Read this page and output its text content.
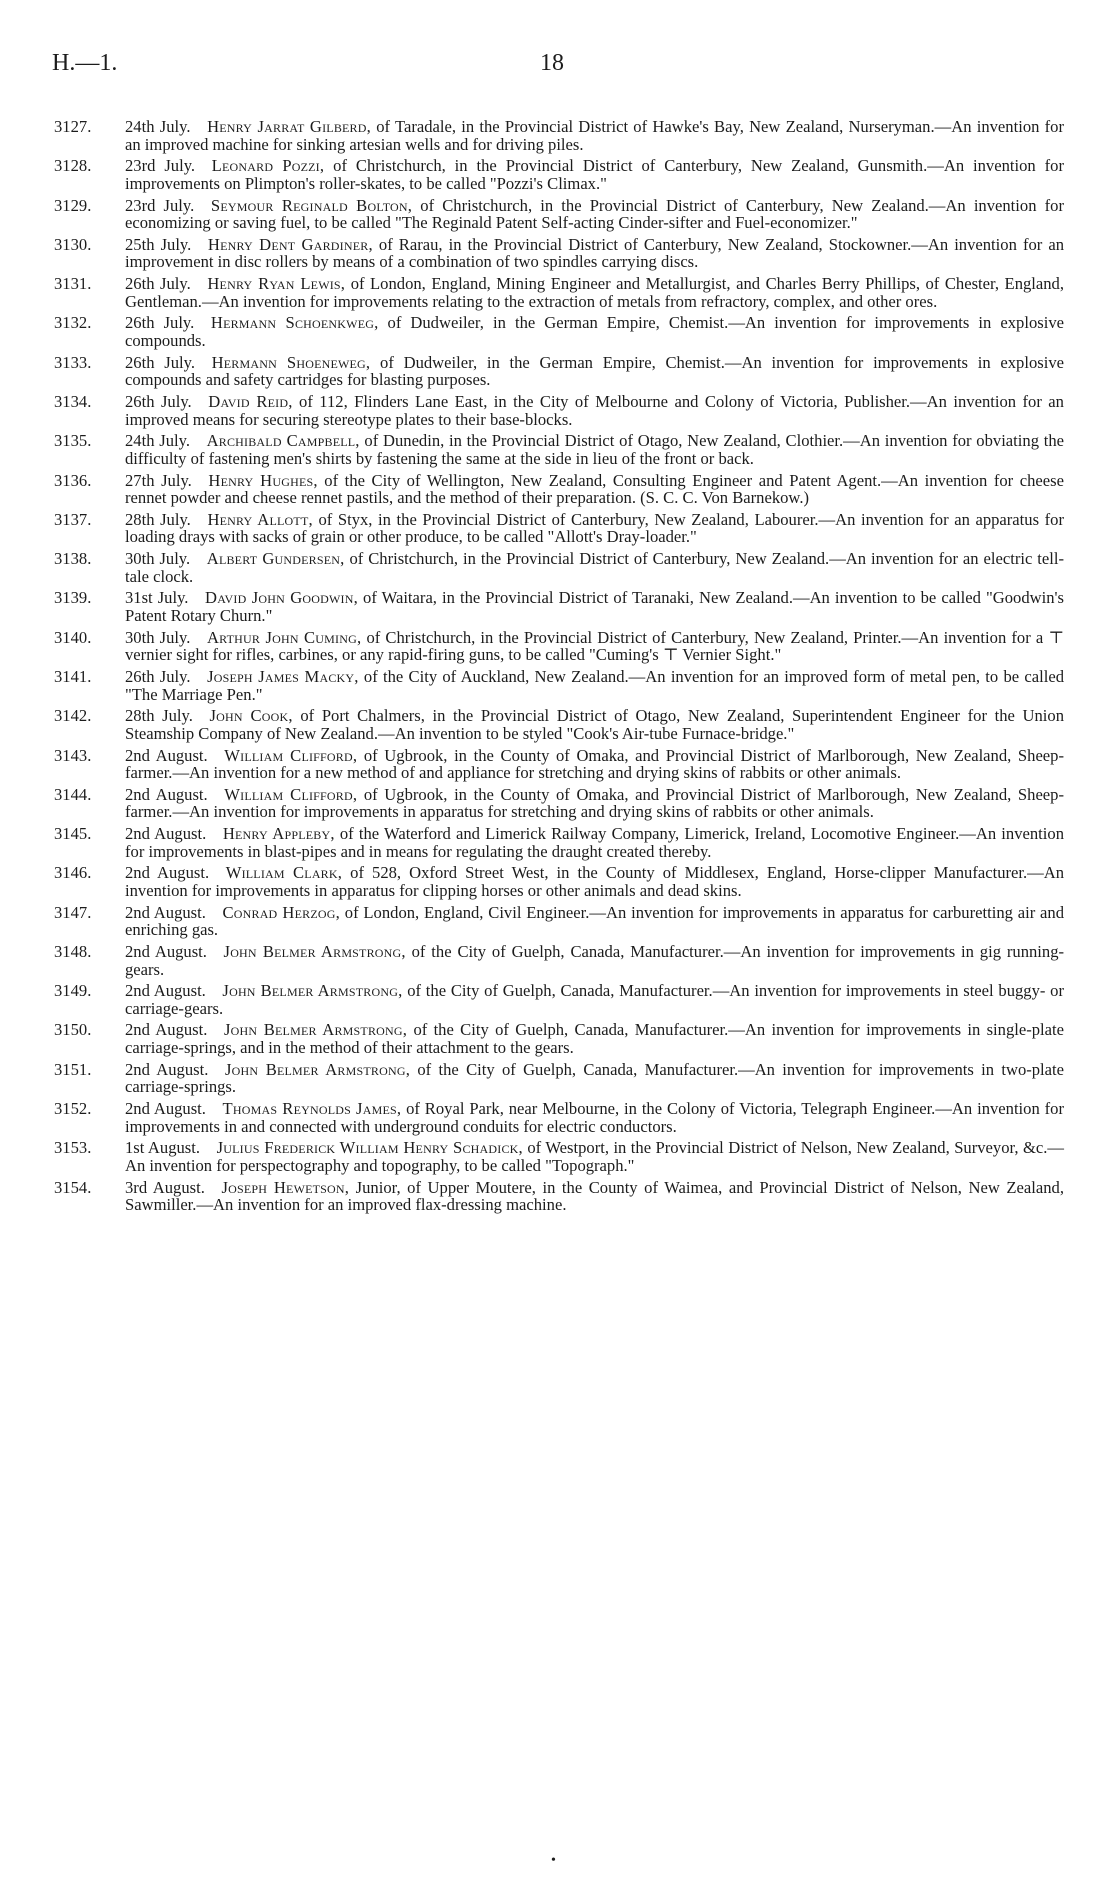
H.—1.	18
3127. 24th July.  Henry Jarrat Gilberd, of Taradale, in the Provincial District of Hawke's Bay, New Zealand, Nurseryman.—An invention for an improved machine for sinking artesian wells and for driving piles.
3128. 23rd July.  Leonard Pozzi, of Christchurch, in the Provincial District of Canterbury, New Zealand, Gunsmith.—An invention for improvements on Plimpton's roller-skates, to be called "Pozzi's Climax."
3129. 23rd July.  Seymour Reginald Bolton, of Christchurch, in the Provincial District of Canterbury, New Zealand.—An invention for economizing or saving fuel, to be called "The Reginald Patent Self-acting Cinder-sifter and Fuel-economizer."
3130. 25th July.  Henry Dent Gardiner, of Rarau, in the Provincial District of Canterbury, New Zealand, Stockowner.—An invention for an improvement in disc rollers by means of a combination of two spindles carrying discs.
3131. 26th July.  Henry Ryan Lewis, of London, England, Mining Engineer and Metallurgist, and Charles Berry Phillips, of Chester, England, Gentleman.—An invention for improvements relating to the extraction of metals from refractory, complex, and other ores.
3132. 26th July.  Hermann Schoenkweg, of Dudweiler, in the German Empire, Chemist.—An invention for improvements in explosive compounds.
3133. 26th July.  Hermann Shoeneweg, of Dudweiler, in the German Empire, Chemist.—An invention for improvements in explosive compounds and safety cartridges for blasting purposes.
3134. 26th July.  David Reid, of 112, Flinders Lane East, in the City of Melbourne and Colony of Victoria, Publisher.—An invention for an improved means for securing stereotype plates to their base-blocks.
3135. 24th July.  Archibald Campbell, of Dunedin, in the Provincial District of Otago, New Zealand, Clothier.—An invention for obviating the difficulty of fastening men's shirts by fastening the same at the side in lieu of the front or back.
3136. 27th July.  Henry Hughes, of the City of Wellington, New Zealand, Consulting Engineer and Patent Agent.—An invention for cheese rennet powder and cheese rennet pastils, and the method of their preparation. (S. C. C. Von Barnekow.)
3137. 28th July.  Henry Allott, of Styx, in the Provincial District of Canterbury, New Zealand, Labourer.—An invention for an apparatus for loading drays with sacks of grain or other produce, to be called "Allott's Dray-loader."
3138. 30th July.  Albert Gundersen, of Christchurch, in the Provincial District of Canterbury, New Zealand.—An invention for an electric tell-tale clock.
3139. 31st July.  David John Goodwin, of Waitara, in the Provincial District of Taranaki, New Zealand.—An invention to be called "Goodwin's Patent Rotary Churn."
3140. 30th July.  Arthur John Cuming, of Christchurch, in the Provincial District of Canterbury, New Zealand, Printer.—An invention for a ⊤ vernier sight for rifles, carbines, or any rapid-firing guns, to be called "Cuming's ⊤ Vernier Sight."
3141. 26th July.  Joseph James Macky, of the City of Auckland, New Zealand.—An invention for an improved form of metal pen, to be called "The Marriage Pen."
3142. 28th July.  John Cook, of Port Chalmers, in the Provincial District of Otago, New Zealand, Superintendent Engineer for the Union Steamship Company of New Zealand.—An invention to be styled "Cook's Air-tube Furnace-bridge."
3143. 2nd August.  William Clifford, of Ugbrook, in the County of Omaka, and Provincial District of Marlborough, New Zealand, Sheep-farmer.—An invention for a new method of and appliance for stretching and drying skins of rabbits or other animals.
3144. 2nd August.  William Clifford, of Ugbrook, in the County of Omaka, and Provincial District of Marlborough, New Zealand, Sheep-farmer.—An invention for improvements in apparatus for stretching and drying skins of rabbits or other animals.
3145. 2nd August.  Henry Appleby, of the Waterford and Limerick Railway Company, Limerick, Ireland, Locomotive Engineer.—An invention for improvements in blast-pipes and in means for regulating the draught created thereby.
3146. 2nd August.  William Clark, of 528, Oxford Street West, in the County of Middlesex, England, Horse-clipper Manufacturer.—An invention for improvements in apparatus for clipping horses or other animals and dead skins.
3147. 2nd August.  Conrad Herzog, of London, England, Civil Engineer.—An invention for improvements in apparatus for carburetting air and enriching gas.
3148. 2nd August.  John Belmer Armstrong, of the City of Guelph, Canada, Manufacturer.—An invention for improvements in gig running-gears.
3149. 2nd August.  John Belmer Armstrong, of the City of Guelph, Canada, Manufacturer.—An invention for improvements in steel buggy- or carriage-gears.
3150. 2nd August.  John Belmer Armstrong, of the City of Guelph, Canada, Manufacturer.—An invention for improvements in single-plate carriage-springs, and in the method of their attachment to the gears.
3151. 2nd August.  John Belmer Armstrong, of the City of Guelph, Canada, Manufacturer.—An invention for improvements in two-plate carriage-springs.
3152. 2nd August.  Thomas Reynolds James, of Royal Park, near Melbourne, in the Colony of Victoria, Telegraph Engineer.—An invention for improvements in and connected with underground conduits for electric conductors.
3153. 1st August.  Julius Frederick William Henry Schadick, of Westport, in the Provincial District of Nelson, New Zealand, Surveyor, &c.—An invention for perspectography and topography, to be called "Topograph."
3154. 3rd August.  Joseph Hewetson, Junior, of Upper Moutere, in the County of Waimea, and Provincial District of Nelson, New Zealand, Sawmiller.—An invention for an improved flax-dressing machine.
•
